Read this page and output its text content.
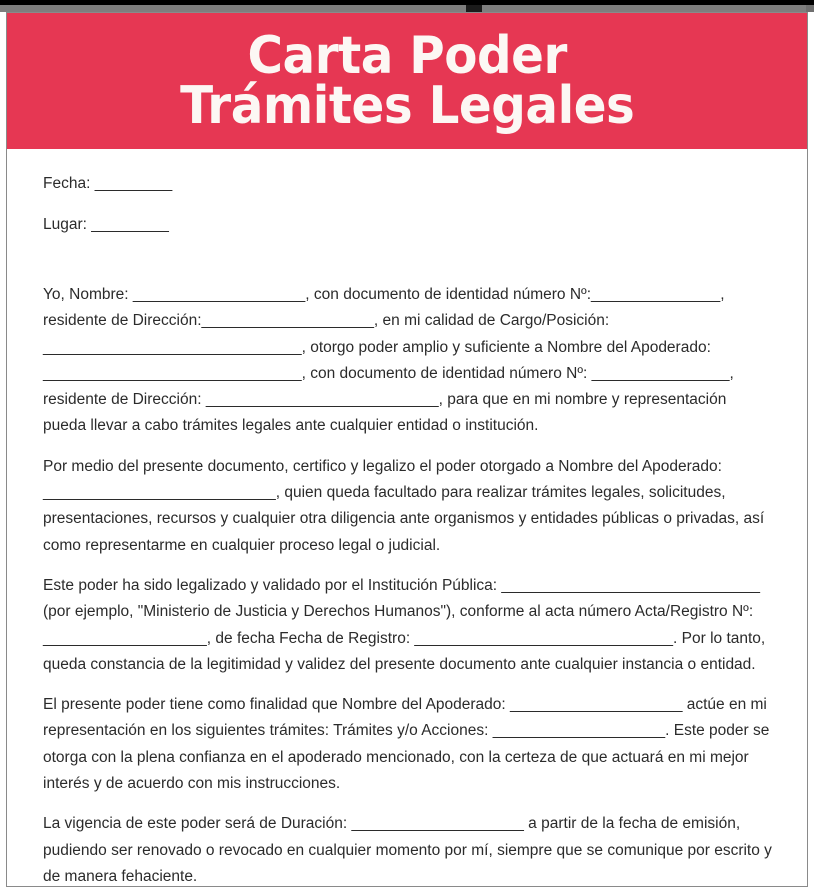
Carta Poder
Trámites Legales

Fecha: _________

Lugar: _________

Yo, Nombre: ____________________, con documento de identidad número Nº:_______________, residente de Dirección:____________________, en mi calidad de Cargo/Posición: ______________________________, otorgo poder amplio y suficiente a Nombre del Apoderado: ______________________________, con documento de identidad número Nº: ________________, residente de Dirección: ___________________________, para que en mi nombre y representación pueda llevar a cabo trámites legales ante cualquier entidad o institución.

Por medio del presente documento, certifico y legalizo el poder otorgado a Nombre del Apoderado: ___________________________, quien queda facultado para realizar trámites legales, solicitudes, presentaciones, recursos y cualquier otra diligencia ante organismos y entidades públicas o privadas, así como representarme en cualquier proceso legal o judicial.

Este poder ha sido legalizado y validado por el Institución Pública: ______________________________ (por ejemplo, "Ministerio de Justicia y Derechos Humanos"), conforme al acta número Acta/Registro Nº: ___________________, de fecha Fecha de Registro: ______________________________. Por lo tanto, queda constancia de la legitimidad y validez del presente documento ante cualquier instancia o entidad.

El presente poder tiene como finalidad que Nombre del Apoderado: ____________________ actúe en mi representación en los siguientes trámites: Trámites y/o Acciones: ____________________. Este poder se otorga con la plena confianza en el apoderado mencionado, con la certeza de que actuará en mi mejor interés y de acuerdo con mis instrucciones.

La vigencia de este poder será de Duración: ____________________ a partir de la fecha de emisión, pudiendo ser renovado o revocado en cualquier momento por mí, siempre que se comunique por escrito y de manera fehaciente.
